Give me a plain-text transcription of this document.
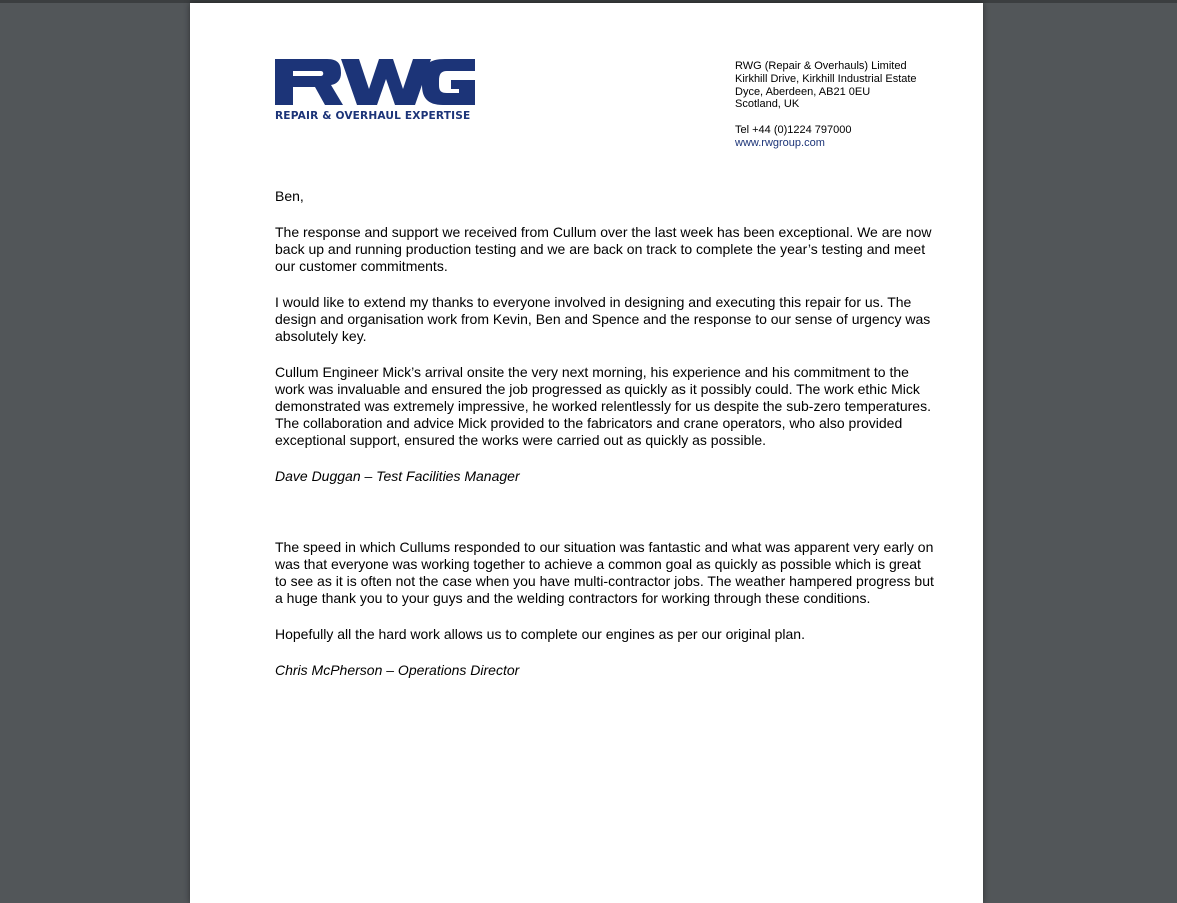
REPAIR & OVERHAUL EXPERTISE
RWG (Repair & Overhauls) Limited
Kirkhill Drive, Kirkhill Industrial Estate
Dyce, Aberdeen, AB21 0EU
Scotland, UK
Tel +44 (0)1224 797000
www.rwgroup.com

Ben,

The response and support we received from Cullum over the last week has been exceptional. We are now back up and running production testing and we are back on track to complete the year’s testing and meet our customer commitments.

I would like to extend my thanks to everyone involved in designing and executing this repair for us. The design and organisation work from Kevin, Ben and Spence and the response to our sense of urgency was absolutely key.

Cullum Engineer Mick’s arrival onsite the very next morning, his experience and his commitment to the work was invaluable and ensured the job progressed as quickly as it possibly could. The work ethic Mick demonstrated was extremely impressive, he worked relentlessly for us despite the sub-zero temperatures. The collaboration and advice Mick provided to the fabricators and crane operators, who also provided exceptional support, ensured the works were carried out as quickly as possible.

Dave Duggan – Test Facilities Manager

The speed in which Cullums responded to our situation was fantastic and what was apparent very early on was that everyone was working together to achieve a common goal as quickly as possible which is great to see as it is often not the case when you have multi-contractor jobs. The weather hampered progress but a huge thank you to your guys and the welding contractors for working through these conditions.

Hopefully all the hard work allows us to complete our engines as per our original plan.

Chris McPherson – Operations Director
